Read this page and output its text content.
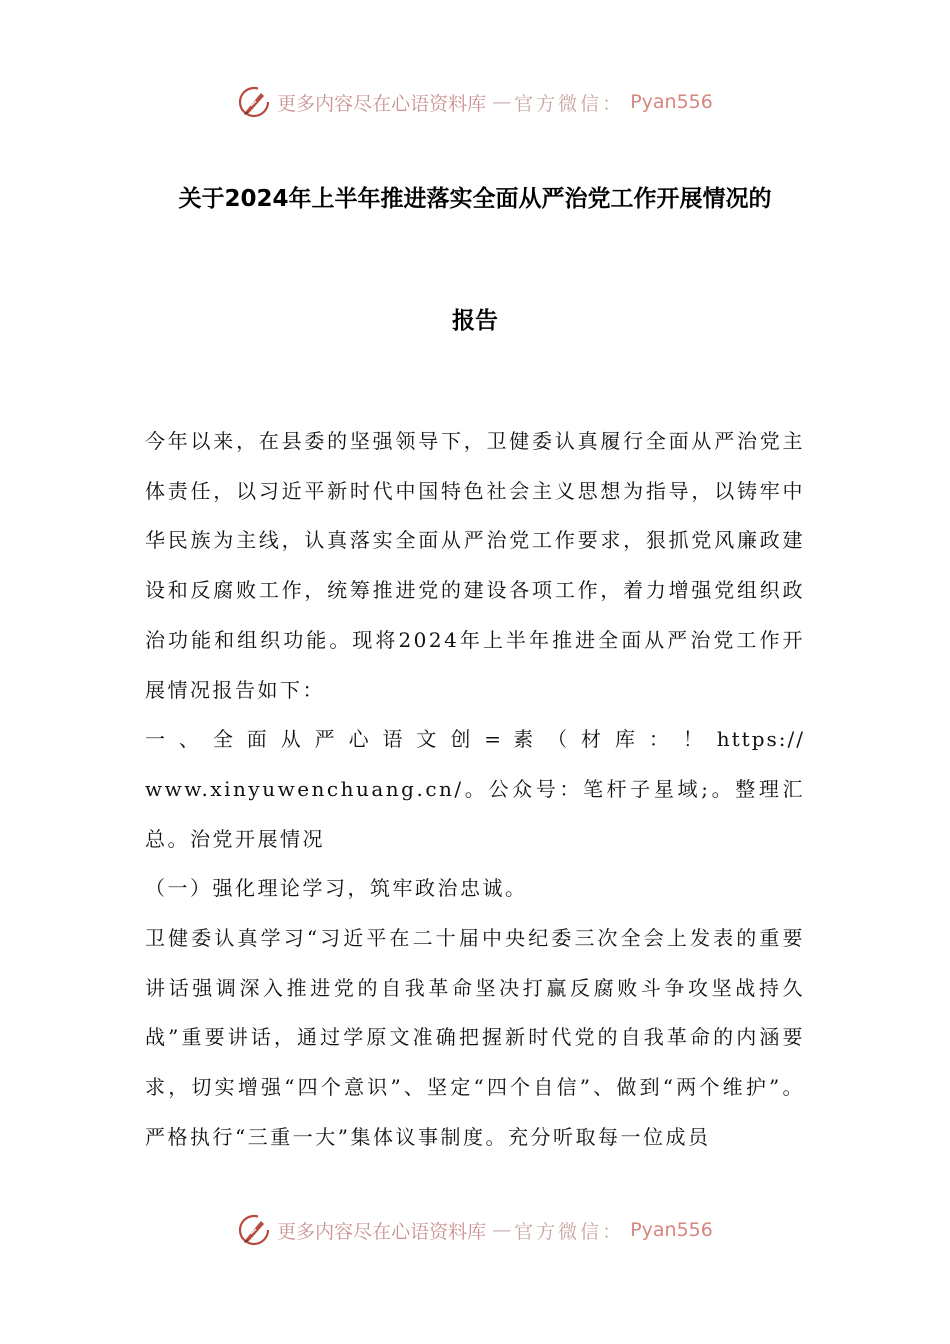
更多内容尽在心语资料库 — 官方微信： Pyan556
关于2024年上半年推进落实全面从严治党工作开展情况的
报告

今年以来，在县委的坚强领导下，卫健委认真履行全面从严治党主体责任，以习近平新时代中国特色社会主义思想为指导，以铸牢中华民族为主线，认真落实全面从严治党工作要求，狠抓党风廉政建设和反腐败工作，统筹推进党的建设各项工作，着力增强党组织政治功能和组织功能。现将2024年上半年推进全面从严治党工作开展情况报告如下：

一 、 全 面 从 严 心 语 文 创 = 素 （ 材 库 ： ！ https://

www.xinyuwenchuang.cn/。公众号：笔杆子星域;。整理汇总。治党开展情况

（一）强化理论学习，筑牢政治忠诚。

卫健委认真学习“习近平在二十届中央纪委三次全会上发表的重要讲话强调深入推进党的自我革命坚决打赢反腐败斗争攻坚战持久战”重要讲话，通过学原文准确把握新时代党的自我革命的内涵要求，切实增强“四个意识”、坚定“四个自信”、做到“两个维护”。严格执行“三重一大”集体议事制度。充分听取每一位成员

更多内容尽在心语资料库 — 官方微信： Pyan556
